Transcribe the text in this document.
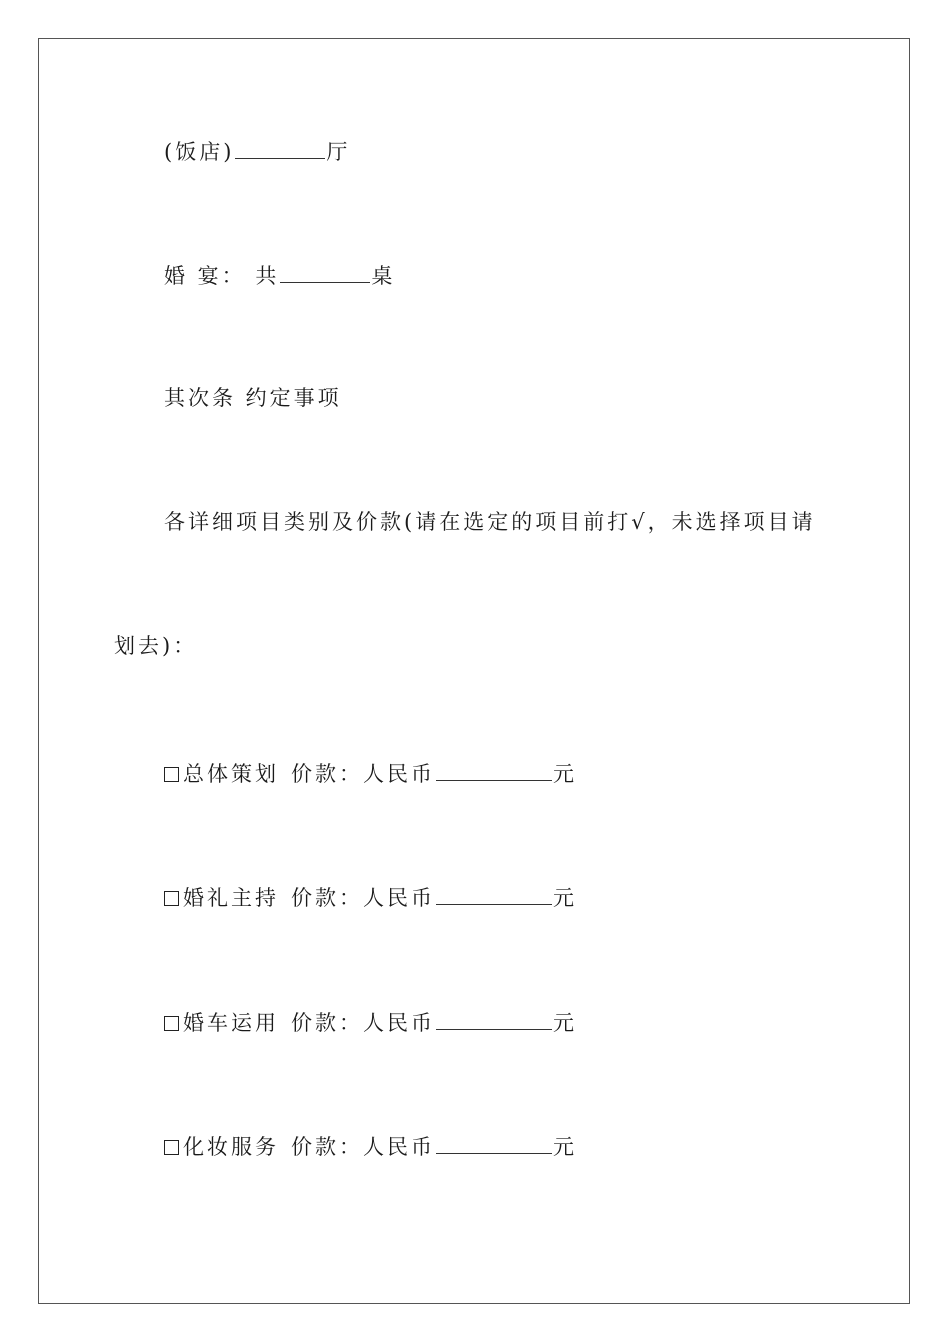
(饭店)	厅
婚 宴： 共	桌
其次条 约定事项
各详细项目类别及价款(请在选定的项目前打√，未选择项目请
划去)：
总体策划 价款：人民币	元
婚礼主持 价款：人民币	元
婚车运用 价款：人民币	元
化妆服务 价款：人民币	元
